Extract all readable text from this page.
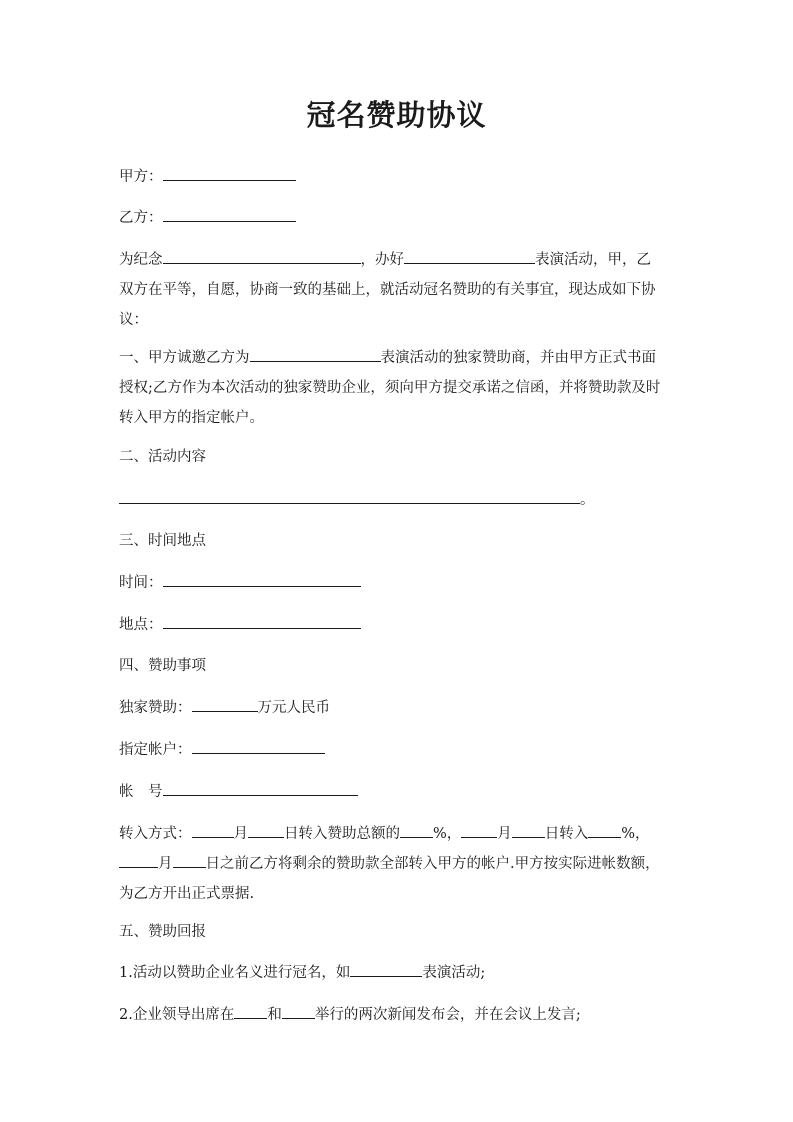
冠名赞助协议

甲方：

乙方：

为纪念	，办好	表演活动，甲，乙双方在平等，自愿，协商一致的基础上，就活动冠名赞助的有关事宜，现达成如下协议：

一、甲方诚邀乙方为	表演活动的独家赞助商，并由甲方正式书面授权;乙方作为本次活动的独家赞助企业，须向甲方提交承诺之信函，并将赞助款及时转入甲方的指定帐户。

二、活动内容

。

三、时间地点

时间：

地点：

四、赞助事项

独家赞助：	万元人民币

指定帐户：

帐　号

转入方式：	月 日转入赞助总额的 %， 月 日转入 %，月 日之前乙方将剩余的赞助款全部转入甲方的帐户.甲方按实际进帐数额，为乙方开出正式票据.

五、赞助回报

1.活动以赞助企业名义进行冠名，如	表演活动;

2.企业领导出席在 和 举行的两次新闻发布会，并在会议上发言;
